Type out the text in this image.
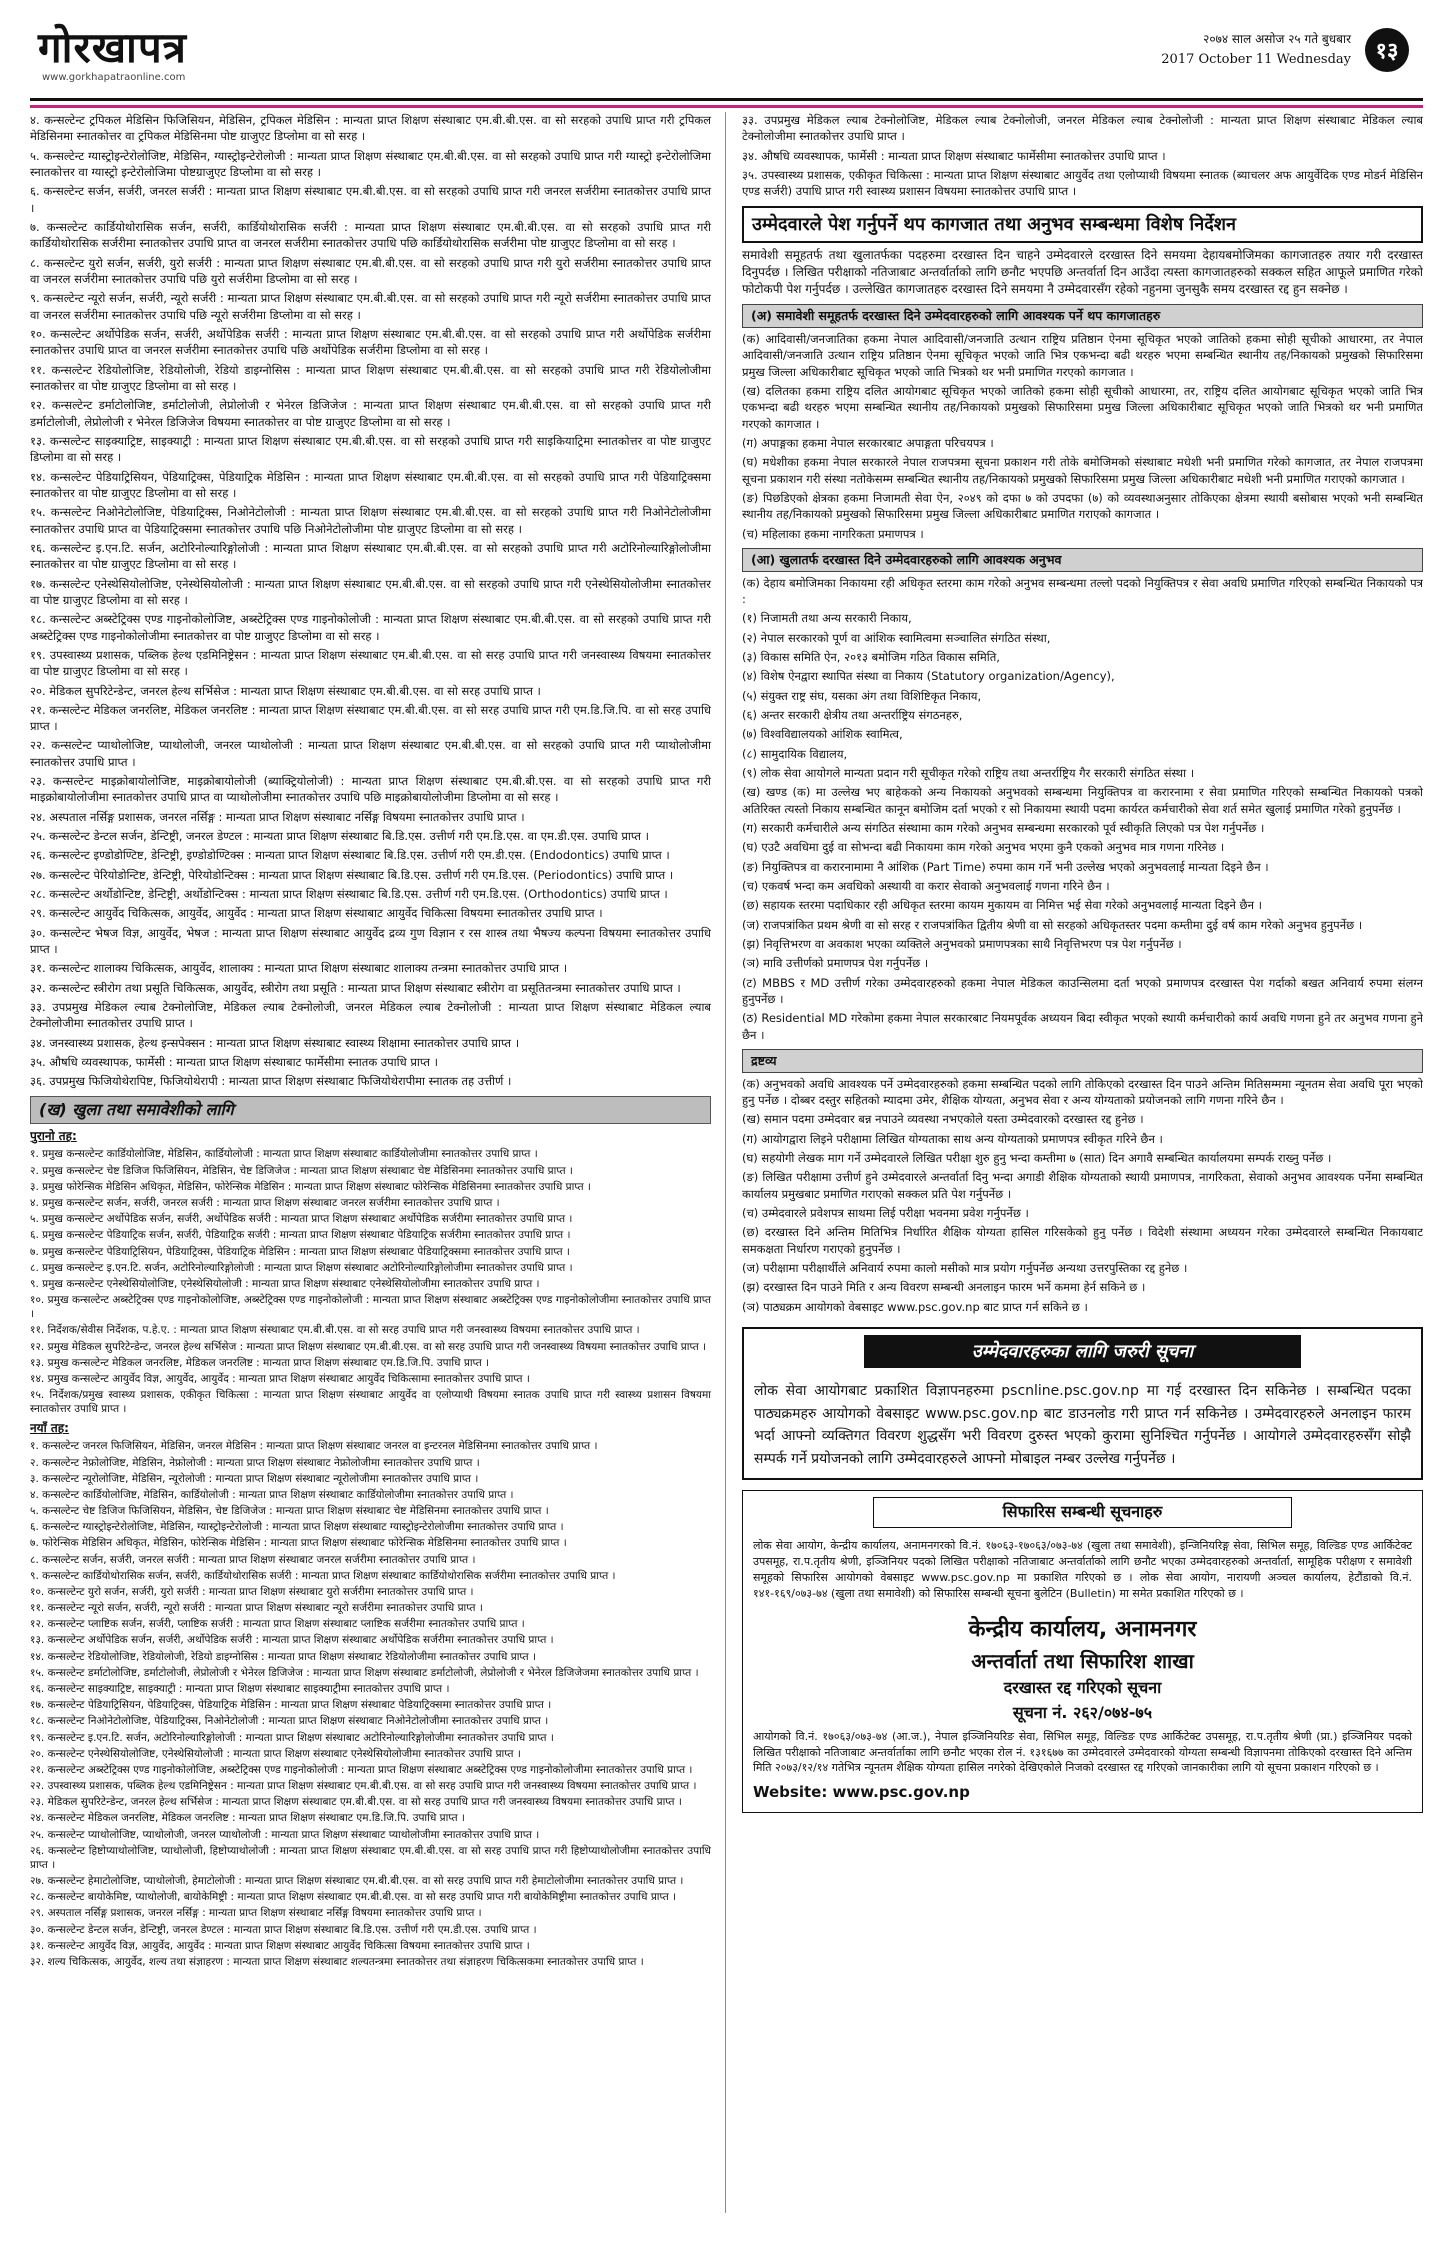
गोरखापत्र
www.gorkhapatraonline.com
२०७४ साल असोज २५ गते बुधबार
2017 October 11 Wednesday	१३
४. कन्सल्टेन्ट ट्रपिकल मेडिसिन फिजिसियन, मेडिसिन, ट्रपिकल मेडिसिन : मान्यता प्राप्त शिक्षण संस्थाबाट एम.बी.बी.एस. वा सो सरहको उपाधि प्राप्त गरी ट्रपिकल मेडिसिनमा स्नातकोत्तर वा ट्रपिकल मेडिसिनमा पोष्ट ग्राजुएट डिप्लोमा वा सो सरह ।
५. कन्सल्टेन्ट ग्यास्ट्रोइन्टेरोलोजिष्ट, मेडिसिन, ग्यास्ट्रोइन्टेरोलोजी : मान्यता प्राप्त शिक्षण संस्थाबाट एम.बी.बी.एस. वा सो सरहको उपाधि प्राप्त गरी ग्यास्ट्रो इन्टेरोलोजिमा स्नातकोत्तर वा ग्यास्ट्रो इन्टेरोलोजिमा पोष्टग्राजुएट डिप्लोमा वा सो सरह ।
६. कन्सल्टेन्ट सर्जन, सर्जरी, जनरल सर्जरी : मान्यता प्राप्त शिक्षण संस्थाबाट एम.बी.बी.एस. वा सो सरहको उपाधि प्राप्त गरी जनरल सर्जरीमा स्नातकोत्तर उपाधि प्राप्त ।
७. कन्सल्टेन्ट कार्डियोथोरासिक सर्जन, सर्जरी, कार्डियोथोरासिक सर्जरी : मान्यता प्राप्त शिक्षण संस्थाबाट एम.बी.बी.एस. वा सो सरहको उपाधि प्राप्त गरी कार्डियोथोरासिक सर्जरीमा स्नातकोत्तर उपाधि प्राप्त वा जनरल सर्जरीमा स्नातकोत्तर उपाधि पछि कार्डियोथोरासिक सर्जरीमा पोष्ट ग्राजुएट डिप्लोमा वा सो सरह ।
८. कन्सल्टेन्ट युरो सर्जन, सर्जरी, युरो सर्जरी : मान्यता प्राप्त शिक्षण संस्थाबाट एम.बी.बी.एस. वा सो सरहको उपाधि प्राप्त गरी युरो सर्जरीमा स्नातकोत्तर उपाधि प्राप्त वा जनरल सर्जरीमा स्नातकोत्तर उपाधि पछि युरो सर्जरीमा डिप्लोमा वा सो सरह ।
९. कन्सल्टेन्ट न्यूरो सर्जन, सर्जरी, न्यूरो सर्जरी : मान्यता प्राप्त शिक्षण संस्थाबाट एम.बी.बी.एस. वा सो सरहको उपाधि प्राप्त गरी न्यूरो सर्जरीमा स्नातकोत्तर उपाधि प्राप्त वा जनरल सर्जरीमा स्नातकोत्तर उपाधि पछि न्यूरो सर्जरीमा डिप्लोमा वा सो सरह ।
१०. कन्सल्टेन्ट अर्थोपेडिक सर्जन, सर्जरी, अर्थोपेडिक सर्जरी : मान्यता प्राप्त शिक्षण संस्थाबाट एम.बी.बी.एस. वा सो सरहको उपाधि प्राप्त गरी अर्थोपेडिक सर्जरीमा स्नातकोत्तर उपाधि प्राप्त वा जनरल सर्जरीमा स्नातकोत्तर उपाधि पछि अर्थोपेडिक सर्जरीमा डिप्लोमा वा सो सरह ।
११. कन्सल्टेन्ट रेडियोलोजिष्ट, रेडियोलोजी, रेडियो डाइग्नोसिस : मान्यता प्राप्त शिक्षण संस्थाबाट एम.बी.बी.एस. वा सो सरहको उपाधि प्राप्त गरी रेडियोलोजीमा स्नातकोत्तर वा पोष्ट ग्राजुएट डिप्लोमा वा सो सरह ।
१२. कन्सल्टेन्ट डर्माटोलोजिष्ट, डर्माटोलोजी, लेप्रोलोजी र भेनेरल डिजिजेज : मान्यता प्राप्त शिक्षण संस्थाबाट एम.बी.बी.एस. वा सो सरहको उपाधि प्राप्त गरी डर्माटोलोजी, लेप्रोलोजी र भेनेरल डिजिजेज विषयमा स्नातकोत्तर वा पोष्ट ग्राजुएट डिप्लोमा वा सो सरह ।
१३. कन्सल्टेन्ट साइक्याट्रिष्ट, साइक्याट्री : मान्यता प्राप्त शिक्षण संस्थाबाट एम.बी.बी.एस. वा सो सरहको उपाधि प्राप्त गरी साइकियाट्रिमा स्नातकोत्तर वा पोष्ट ग्राजुएट डिप्लोमा वा सो सरह ।
१४. कन्सल्टेन्ट पेडियाट्रिसियन, पेडियाट्रिक्स, पेडियाट्रिक मेडिसिन : मान्यता प्राप्त शिक्षण संस्थाबाट एम.बी.बी.एस. वा सो सरहको उपाधि प्राप्त गरी पेडियाट्रिक्समा स्नातकोत्तर वा पोष्ट ग्राजुएट डिप्लोमा वा सो सरह ।
१५. कन्सल्टेन्ट निओनेटोलोजिष्ट, पेडियाट्रिक्स, निओनेटोलोजी : मान्यता प्राप्त शिक्षण संस्थाबाट एम.बी.बी.एस. वा सो सरहको उपाधि प्राप्त गरी निओनेटोलोजीमा स्नातकोत्तर उपाधि प्राप्त वा पेडियाट्रिक्समा स्नातकोत्तर उपाधि पछि निओनेटोलोजीमा पोष्ट ग्राजुएट डिप्लोमा वा सो सरह ।
१६. कन्सल्टेन्ट इ.एन.टि. सर्जन, अटोरिनोल्यारिङ्गोलोजी : मान्यता प्राप्त शिक्षण संस्थाबाट एम.बी.बी.एस. वा सो सरहको उपाधि प्राप्त गरी अटोरिनोल्यारिङ्गोलोजीमा स्नातकोत्तर वा पोष्ट ग्राजुएट डिप्लोमा वा सो सरह ।
१७. कन्सल्टेन्ट एनेस्थेसियोलोजिष्ट, एनेस्थेसियोलोजी : मान्यता प्राप्त शिक्षण संस्थाबाट एम.बी.बी.एस. वा सो सरहको उपाधि प्राप्त गरी एनेस्थेसियोलोजीमा स्नातकोत्तर वा पोष्ट ग्राजुएट डिप्लोमा वा सो सरह ।
१८. कन्सल्टेन्ट अब्स्टेट्रिक्स एण्ड गाइनोकोलोजिष्ट, अब्स्टेट्रिक्स एण्ड गाइनोकोलोजी : मान्यता प्राप्त शिक्षण संस्थाबाट एम.बी.बी.एस. वा सो सरहको उपाधि प्राप्त गरी अब्स्टेट्रिक्स एण्ड गाइनोकोलोजीमा स्नातकोत्तर वा पोष्ट ग्राजुएट डिप्लोमा वा सो सरह ।
१९. उपस्वास्थ्य प्रशासक, पब्लिक हेल्थ एडमिनिष्ट्रेसन : मान्यता प्राप्त शिक्षण संस्थाबाट एम.बी.बी.एस. वा सो सरह उपाधि प्राप्त गरी जनस्वास्थ्य विषयमा स्नातकोत्तर वा पोष्ट ग्राजुएट डिप्लोमा वा सो सरह ।
२०. मेडिकल सुपरिटेन्डेन्ट, जनरल हेल्थ सर्भिसेज : मान्यता प्राप्त शिक्षण संस्थाबाट एम.बी.बी.एस. वा सो सरह उपाधि प्राप्त ।
२१. कन्सल्टेन्ट मेडिकल जनरलिष्ट, मेडिकल जनरलिष्ट : मान्यता प्राप्त शिक्षण संस्थाबाट एम.बी.बी.एस. वा सो सरह उपाधि प्राप्त गरी एम.डि.जि.पि. वा सो सरह उपाधि प्राप्त ।
२२. कन्सल्टेन्ट प्याथोलोजिष्ट, प्याथोलोजी, जनरल प्याथोलोजी : मान्यता प्राप्त शिक्षण संस्थाबाट एम.बी.बी.एस. वा सो सरहको उपाधि प्राप्त गरी प्याथोलोजीमा स्नातकोत्तर उपाधि प्राप्त ।
२३. कन्सल्टेन्ट माइक्रोबायोलोजिष्ट, माइक्रोबायोलोजी (ब्याक्ट्रियोलोजी) : मान्यता प्राप्त शिक्षण संस्थाबाट एम.बी.बी.एस. वा सो सरहको उपाधि प्राप्त गरी माइक्रोबायोलोजीमा स्नातकोत्तर उपाधि प्राप्त वा प्याथोलोजीमा स्नातकोत्तर उपाधि पछि माइक्रोबायोलोजीमा डिप्लोमा वा सो सरह ।
२४. अस्पताल नर्सिङ्ग प्रशासक, जनरल नर्सिङ्ग : मान्यता प्राप्त शिक्षण संस्थाबाट नर्सिङ्ग विषयमा स्नातकोत्तर उपाधि प्राप्त ।
२५. कन्सल्टेन्ट डेन्टल सर्जन, डेन्टिष्ट्री, जनरल डेण्टल : मान्यता प्राप्त शिक्षण संस्थाबाट बि.डि.एस. उत्तीर्ण गरी एम.डि.एस. वा एम.डी.एस. उपाधि प्राप्त ।
२६. कन्सल्टेन्ट इण्डोडोण्टिष्ट, डेन्टिष्ट्री, इण्डोडोण्टिक्स : मान्यता प्राप्त शिक्षण संस्थाबाट बि.डि.एस. उत्तीर्ण गरी एम.डी.एस. (Endodontics) उपाधि प्राप्त ।
२७. कन्सल्टेन्ट पेरियोडोन्टिष्ट, डेन्टिष्ट्री, पेरियोडोन्टिक्स : मान्यता प्राप्त शिक्षण संस्थाबाट बि.डि.एस. उत्तीर्ण गरी एम.डि.एस. (Periodontics) उपाधि प्राप्त ।
२८. कन्सल्टेन्ट अर्थोडोन्टिष्ट, डेन्टिष्ट्री, अर्थोडोन्टिक्स : मान्यता प्राप्त शिक्षण संस्थाबाट बि.डि.एस. उत्तीर्ण गरी एम.डि.एस. (Orthodontics) उपाधि प्राप्त ।
२९. कन्सल्टेन्ट आयुर्वेद चिकित्सक, आयुर्वेद, आयुर्वेद : मान्यता प्राप्त शिक्षण संस्थाबाट आयुर्वेद चिकित्सा विषयमा स्नातकोत्तर उपाधि प्राप्त ।
३०. कन्सल्टेन्ट भेषज विज्ञ, आयुर्वेद, भेषज : मान्यता प्राप्त शिक्षण संस्थाबाट आयुर्वेद द्रव्य गुण विज्ञान र रस शास्त्र तथा भैषज्य कल्पना विषयमा स्नातकोत्तर उपाधि प्राप्त ।
३१. कन्सल्टेन्ट शालाक्य चिकित्सक, आयुर्वेद, शालाक्य : मान्यता प्राप्त शिक्षण संस्थाबाट शालाक्य तन्त्रमा स्नातकोत्तर उपाधि प्राप्त ।
३२. कन्सल्टेन्ट स्त्रीरोग तथा प्रसूति चिकित्सक, आयुर्वेद, स्त्रीरोग तथा प्रसूति : मान्यता प्राप्त शिक्षण संस्थाबाट स्त्रीरोग वा प्रसूतितन्त्रमा स्नातकोत्तर उपाधि प्राप्त ।
३३. उपप्रमुख मेडिकल ल्याब टेक्नोलोजिष्ट, मेडिकल ल्याब टेक्नोलोजी, जनरल मेडिकल ल्याब टेक्नोलोजी : मान्यता प्राप्त शिक्षण संस्थाबाट मेडिकल ल्याब टेक्नोलोजीमा स्नातकोत्तर उपाधि प्राप्त ।
३४. जनस्वास्थ्य प्रशासक, हेल्थ इन्सपेक्सन : मान्यता प्राप्त शिक्षण संस्थाबाट स्वास्थ्य शिक्षामा स्नातकोत्तर उपाधि प्राप्त ।
३५. औषधि व्यवस्थापक, फार्मेसी : मान्यता प्राप्त शिक्षण संस्थाबाट फार्मेसीमा स्नातक उपाधि प्राप्त ।
३६. उपप्रमुख फिजियोथेरापिष्ट, फिजियोथेरापी : मान्यता प्राप्त शिक्षण संस्थाबाट फिजियोथेरापीमा स्नातक तह उत्तीर्ण ।
(ख) खुला तथा समावेशीको लागि
पुरानो तह:
१. प्रमुख कन्सल्टेन्ट कार्डियोलोजिष्ट, मेडिसिन, कार्डियोलोजी : मान्यता प्राप्त शिक्षण संस्थाबाट कार्डियोलोजीमा स्नातकोत्तर उपाधि प्राप्त ।
२. प्रमुख कन्सल्टेन्ट चेष्ट डिजिज फिजिसियन, मेडिसिन, चेष्ट डिजिजेज : मान्यता प्राप्त शिक्षण संस्थाबाट चेष्ट मेडिसिनमा स्नातकोत्तर उपाधि प्राप्त ।
३. प्रमुख फोरेन्सिक मेडिसिन अधिकृत, मेडिसिन, फोरेन्सिक मेडिसिन : मान्यता प्राप्त शिक्षण संस्थाबाट फोरेन्सिक मेडिसिनमा स्नातकोत्तर उपाधि प्राप्त ।
४. प्रमुख कन्सल्टेन्ट सर्जन, सर्जरी, जनरल सर्जरी : मान्यता प्राप्त शिक्षण संस्थाबाट जनरल सर्जरीमा स्नातकोत्तर उपाधि प्राप्त ।
५. प्रमुख कन्सल्टेन्ट अर्थोपेडिक सर्जन, सर्जरी, अर्थोपेडिक सर्जरी : मान्यता प्राप्त शिक्षण संस्थाबाट अर्थोपेडिक सर्जरीमा स्नातकोत्तर उपाधि प्राप्त ।
६. प्रमुख कन्सल्टेन्ट पेडियाट्रिक सर्जन, सर्जरी, पेडियाट्रिक सर्जरी : मान्यता प्राप्त शिक्षण संस्थाबाट पेडियाट्रिक सर्जरीमा स्नातकोत्तर उपाधि प्राप्त ।
७. प्रमुख कन्सल्टेन्ट पेडियाट्रिसियन, पेडियाट्रिक्स, पेडियाट्रिक मेडिसिन : मान्यता प्राप्त शिक्षण संस्थाबाट पेडियाट्रिक्समा स्नातकोत्तर उपाधि प्राप्त ।
८. प्रमुख कन्सल्टेन्ट इ.एन.टि. सर्जन, अटोरिनोल्यारिङ्गोलोजी : मान्यता प्राप्त शिक्षण संस्थाबाट अटोरिनोल्यारिङ्गोलोजीमा स्नातकोत्तर उपाधि प्राप्त ।
९. प्रमुख कन्सल्टेन्ट एनेस्थेसियोलोजिष्ट, एनेस्थेसियोलोजी : मान्यता प्राप्त शिक्षण संस्थाबाट एनेस्थेसियोलोजीमा स्नातकोत्तर उपाधि प्राप्त ।
१०. प्रमुख कन्सल्टेन्ट अब्स्टेट्रिक्स एण्ड गाइनोकोलोजिष्ट, अब्स्टेट्रिक्स एण्ड गाइनोकोलोजी : मान्यता प्राप्त शिक्षण संस्थाबाट अब्स्टेट्रिक्स एण्ड गाइनोकोलोजीमा स्नातकोत्तर उपाधि प्राप्त ।
११. निर्देशक/सेवीस निर्देशक, प.हे.ए. : मान्यता प्राप्त शिक्षण संस्थाबाट एम.बी.बी.एस. वा सो सरह उपाधि प्राप्त गरी जनस्वास्थ्य विषयमा स्नातकोत्तर उपाधि प्राप्त ।
१२. प्रमुख मेडिकल सुपरिटेन्डेन्ट, जनरल हेल्थ सर्भिसेज : मान्यता प्राप्त शिक्षण संस्थाबाट एम.बी.बी.एस. वा सो सरह उपाधि प्राप्त गरी जनस्वास्थ्य विषयमा स्नातकोत्तर उपाधि प्राप्त ।
१३. प्रमुख कन्सल्टेन्ट मेडिकल जनरलिष्ट, मेडिकल जनरलिष्ट : मान्यता प्राप्त शिक्षण संस्थाबाट एम.डि.जि.पि. उपाधि प्राप्त ।
१४. प्रमुख कन्सल्टेन्ट आयुर्वेद विज्ञ, आयुर्वेद, आयुर्वेद : मान्यता प्राप्त शिक्षण संस्थाबाट आयुर्वेद चिकित्सामा स्नातकोत्तर उपाधि प्राप्त ।
१५. निर्देशक/प्रमुख स्वास्थ्य प्रशासक, एकीकृत चिकित्सा : मान्यता प्राप्त शिक्षण संस्थाबाट आयुर्वेद वा एलोप्याथी विषयमा स्नातक उपाधि प्राप्त गरी स्वास्थ्य प्रशासन विषयमा स्नातकोत्तर उपाधि प्राप्त ।
नयाँ तह:
१. कन्सल्टेन्ट जनरल फिजिसियन, मेडिसिन, जनरल मेडिसिन : मान्यता प्राप्त शिक्षण संस्थाबाट जनरल वा इन्टरनल मेडिसिनमा स्नातकोत्तर उपाधि प्राप्त ।
२. कन्सल्टेन्ट नेफ्रोलोजिष्ट, मेडिसिन, नेफ्रोलोजी : मान्यता प्राप्त शिक्षण संस्थाबाट नेफ्रोलोजीमा स्नातकोत्तर उपाधि प्राप्त ।
३. कन्सल्टेन्ट न्यूरोलोजिष्ट, मेडिसिन, न्यूरोलोजी : मान्यता प्राप्त शिक्षण संस्थाबाट न्यूरोलोजीमा स्नातकोत्तर उपाधि प्राप्त ।
४. कन्सल्टेन्ट कार्डियोलोजिष्ट, मेडिसिन, कार्डियोलोजी : मान्यता प्राप्त शिक्षण संस्थाबाट कार्डियोलोजीमा स्नातकोत्तर उपाधि प्राप्त ।
५. कन्सल्टेन्ट चेष्ट डिजिज फिजिसियन, मेडिसिन, चेष्ट डिजिजेज : मान्यता प्राप्त शिक्षण संस्थाबाट चेष्ट मेडिसिनमा स्नातकोत्तर उपाधि प्राप्त ।
६. कन्सल्टेन्ट ग्यास्ट्रोइन्टेरोलोजिष्ट, मेडिसिन, ग्यास्ट्रोइन्टेरोलोजी : मान्यता प्राप्त शिक्षण संस्थाबाट ग्यास्ट्रोइन्टेरोलोजीमा स्नातकोत्तर उपाधि प्राप्त ।
७. फोरेन्सिक मेडिसिन अधिकृत, मेडिसिन, फोरेन्सिक मेडिसिन : मान्यता प्राप्त शिक्षण संस्थाबाट फोरेन्सिक मेडिसिनमा स्नातकोत्तर उपाधि प्राप्त ।
८. कन्सल्टेन्ट सर्जन, सर्जरी, जनरल सर्जरी : मान्यता प्राप्त शिक्षण संस्थाबाट जनरल सर्जरीमा स्नातकोत्तर उपाधि प्राप्त ।
९. कन्सल्टेन्ट कार्डियोथोरासिक सर्जन, सर्जरी, कार्डियोथोरासिक सर्जरी : मान्यता प्राप्त शिक्षण संस्थाबाट कार्डियोथोरासिक सर्जरीमा स्नातकोत्तर उपाधि प्राप्त ।
१०. कन्सल्टेन्ट युरो सर्जन, सर्जरी, युरो सर्जरी : मान्यता प्राप्त शिक्षण संस्थाबाट युरो सर्जरीमा स्नातकोत्तर उपाधि प्राप्त ।
११. कन्सल्टेन्ट न्यूरो सर्जन, सर्जरी, न्यूरो सर्जरी : मान्यता प्राप्त शिक्षण संस्थाबाट न्यूरो सर्जरीमा स्नातकोत्तर उपाधि प्राप्त ।
१२. कन्सल्टेन्ट प्लाष्टिक सर्जन, सर्जरी, प्लाष्टिक सर्जरी : मान्यता प्राप्त शिक्षण संस्थाबाट प्लाष्टिक सर्जरीमा स्नातकोत्तर उपाधि प्राप्त ।
१३. कन्सल्टेन्ट अर्थोपेडिक सर्जन, सर्जरी, अर्थोपेडिक सर्जरी : मान्यता प्राप्त शिक्षण संस्थाबाट अर्थोपेडिक सर्जरीमा स्नातकोत्तर उपाधि प्राप्त ।
१४. कन्सल्टेन्ट रेडियोलोजिष्ट, रेडियोलोजी, रेडियो डाइग्नोसिस : मान्यता प्राप्त शिक्षण संस्थाबाट रेडियोलोजीमा स्नातकोत्तर उपाधि प्राप्त ।
१५. कन्सल्टेन्ट डर्माटोलोजिष्ट, डर्माटोलोजी, लेप्रोलोजी र भेनेरल डिजिजेज : मान्यता प्राप्त शिक्षण संस्थाबाट डर्माटोलोजी, लेप्रोलोजी र भेनेरल डिजिजेजमा स्नातकोत्तर उपाधि प्राप्त ।
१६. कन्सल्टेन्ट साइक्याट्रिष्ट, साइक्याट्री : मान्यता प्राप्त शिक्षण संस्थाबाट साइक्याट्रीमा स्नातकोत्तर उपाधि प्राप्त ।
१७. कन्सल्टेन्ट पेडियाट्रिसियन, पेडियाट्रिक्स, पेडियाट्रिक मेडिसिन : मान्यता प्राप्त शिक्षण संस्थाबाट पेडियाट्रिक्समा स्नातकोत्तर उपाधि प्राप्त ।
१८. कन्सल्टेन्ट निओनेटोलोजिष्ट, पेडियाट्रिक्स, निओनेटोलोजी : मान्यता प्राप्त शिक्षण संस्थाबाट निओनेटोलोजीमा स्नातकोत्तर उपाधि प्राप्त ।
१९. कन्सल्टेन्ट इ.एन.टि. सर्जन, अटोरिनोल्यारिङ्गोलोजी : मान्यता प्राप्त शिक्षण संस्थाबाट अटोरिनोल्यारिङ्गोलोजीमा स्नातकोत्तर उपाधि प्राप्त ।
२०. कन्सल्टेन्ट एनेस्थेसियोलोजिष्ट, एनेस्थेसियोलोजी : मान्यता प्राप्त शिक्षण संस्थाबाट एनेस्थेसियोलोजीमा स्नातकोत्तर उपाधि प्राप्त ।
२१. कन्सल्टेन्ट अब्स्टेट्रिक्स एण्ड गाइनोकोलोजिष्ट, अब्स्टेट्रिक्स एण्ड गाइनोकोलोजी : मान्यता प्राप्त शिक्षण संस्थाबाट अब्स्टेट्रिक्स एण्ड गाइनोकोलोजीमा स्नातकोत्तर उपाधि प्राप्त ।
२२. उपस्वास्थ्य प्रशासक, पब्लिक हेल्थ एडमिनिष्ट्रेसन : मान्यता प्राप्त शिक्षण संस्थाबाट एम.बी.बी.एस. वा सो सरह उपाधि प्राप्त गरी जनस्वास्थ्य विषयमा स्नातकोत्तर उपाधि प्राप्त ।
२३. मेडिकल सुपरिटेन्डेन्ट, जनरल हेल्थ सर्भिसेज : मान्यता प्राप्त शिक्षण संस्थाबाट एम.बी.बी.एस. वा सो सरह उपाधि प्राप्त गरी जनस्वास्थ्य विषयमा स्नातकोत्तर उपाधि प्राप्त ।
२४. कन्सल्टेन्ट मेडिकल जनरलिष्ट, मेडिकल जनरलिष्ट : मान्यता प्राप्त शिक्षण संस्थाबाट एम.डि.जि.पि. उपाधि प्राप्त ।
२५. कन्सल्टेन्ट प्याथोलोजिष्ट, प्याथोलोजी, जनरल प्याथोलोजी : मान्यता प्राप्त शिक्षण संस्थाबाट प्याथोलोजीमा स्नातकोत्तर उपाधि प्राप्त ।
२६. कन्सल्टेन्ट हिष्टोप्याथोलोजिष्ट, प्याथोलोजी, हिष्टोप्याथोलोजी : मान्यता प्राप्त शिक्षण संस्थाबाट एम.बी.बी.एस. वा सो सरह उपाधि प्राप्त गरी हिष्टोप्याथोलोजीमा स्नातकोत्तर उपाधि प्राप्त ।
२७. कन्सल्टेन्ट हेमाटोलोजिष्ट, प्याथोलोजी, हेमाटोलोजी : मान्यता प्राप्त शिक्षण संस्थाबाट एम.बी.बी.एस. वा सो सरह उपाधि प्राप्त गरी हेमाटोलोजीमा स्नातकोत्तर उपाधि प्राप्त ।
२८. कन्सल्टेन्ट बायोकेमिष्ट, प्याथोलोजी, बायोकेमिष्ट्री : मान्यता प्राप्त शिक्षण संस्थाबाट एम.बी.बी.एस. वा सो सरह उपाधि प्राप्त गरी बायोकेमिष्ट्रीमा स्नातकोत्तर उपाधि प्राप्त ।
२९. अस्पताल नर्सिङ्ग प्रशासक, जनरल नर्सिङ्ग : मान्यता प्राप्त शिक्षण संस्थाबाट नर्सिङ्ग विषयमा स्नातकोत्तर उपाधि प्राप्त ।
३०. कन्सल्टेन्ट डेन्टल सर्जन, डेन्टिष्ट्री, जनरल डेण्टल : मान्यता प्राप्त शिक्षण संस्थाबाट बि.डि.एस. उत्तीर्ण गरी एम.डी.एस. उपाधि प्राप्त ।
३१. कन्सल्टेन्ट आयुर्वेद विज्ञ, आयुर्वेद, आयुर्वेद : मान्यता प्राप्त शिक्षण संस्थाबाट आयुर्वेद चिकित्सा विषयमा स्नातकोत्तर उपाधि प्राप्त ।
३२. शल्य चिकित्सक, आयुर्वेद, शल्य तथा संज्ञाहरण : मान्यता प्राप्त शिक्षण संस्थाबाट शल्यतन्त्रमा स्नातकोत्तर तथा संज्ञाहरण चिकित्सकमा स्नातकोत्तर उपाधि प्राप्त ।
३३. उपप्रमुख मेडिकल ल्याब टेक्नोलोजिष्ट, मेडिकल ल्याब टेक्नोलोजी, जनरल मेडिकल ल्याब टेक्नोलोजी : मान्यता प्राप्त शिक्षण संस्थाबाट मेडिकल ल्याब टेक्नोलोजीमा स्नातकोत्तर उपाधि प्राप्त ।
३४. औषधि व्यवस्थापक, फार्मेसी : मान्यता प्राप्त शिक्षण संस्थाबाट फार्मेसीमा स्नातकोत्तर उपाधि प्राप्त ।
३५. उपस्वास्थ्य प्रशासक, एकीकृत चिकित्सा : मान्यता प्राप्त शिक्षण संस्थाबाट आयुर्वेद तथा एलोप्याथी विषयमा स्नातक (ब्याचलर अफ आयुर्वेदिक एण्ड मोडर्न मेडिसिन एण्ड सर्जरी) उपाधि प्राप्त गरी स्वास्थ्य प्रशासन विषयमा स्नातकोत्तर उपाधि प्राप्त ।
उम्मेदवारले पेश गर्नुपर्ने थप कागजात तथा अनुभव सम्बन्धमा विशेष निर्देशन

समावेशी समूहतर्फ तथा खुलातर्फका पदहरुमा दरखास्त दिन चाहने उम्मेदवारले दरखास्त दिने समयमा देहायबमोजिमका कागजातहरु तयार गरी दरखास्त दिनुपर्दछ । लिखित परीक्षाको नतिजाबाट अन्तर्वार्ताको लागि छनौट भएपछि अन्तर्वार्ता दिन आउँदा त्यस्ता कागजातहरुको सक्कल सहित आफूले प्रमाणित गरेको फोटोकपी पेश गर्नुपर्दछ । उल्लेखित कागजातहरु दरखास्त दिने समयमा नै उम्मेदवारसँग रहेको नहुनमा जुनसुकै समय दरखास्त रद्द हुन सक्नेछ ।

(अ) समावेशी समूहतर्फ दरखास्त दिने उम्मेदवारहरुको लागि आवश्यक पर्ने थप कागजातहरु
(क) आदिवासी/जनजातिका हकमा नेपाल आदिवासी/जनजाति उत्थान राष्ट्रिय प्रतिष्ठान ऐनमा सूचिकृत भएको जातिको हकमा सोही सूचीको आधारमा, तर नेपाल आदिवासी/जनजाति उत्थान राष्ट्रिय प्रतिष्ठान ऐनमा सूचिकृत भएको जाति भित्र एकभन्दा बढी थरहरु भएमा सम्बन्धित स्थानीय तह/निकायको प्रमुखको सिफारिसमा प्रमुख जिल्ला अधिकारीबाट सूचिकृत भएको जाति भित्रको थर भनी प्रमाणित गरएको कागजात ।
(ख) दलितका हकमा राष्ट्रिय दलित आयोगबाट सूचिकृत भएको जातिको हकमा सोही सूचीको आधारमा, तर, राष्ट्रिय दलित आयोगबाट सूचिकृत भएको जाति भित्र एकभन्दा बढी थरहरु भएमा सम्बन्धित स्थानीय तह/निकायको प्रमुखको सिफारिसमा प्रमुख जिल्ला अधिकारीबाट सूचिकृत भएको जाति भित्रको थर भनी प्रमाणित गरएको कागजात ।
(ग) अपाङ्गका हकमा नेपाल सरकारबाट अपाङ्गता परिचयपत्र ।
(घ) मधेशीका हकमा नेपाल सरकारले नेपाल राजपत्रमा सूचना प्रकाशन गरी तोके बमोजिमको संस्थाबाट मधेशी भनी प्रमाणित गरेको कागजात, तर नेपाल राजपत्रमा सूचना प्रकाशन गरी संस्था नतोकेसम्म सम्बन्धित स्थानीय तह/निकायको प्रमुखको सिफारिसमा प्रमुख जिल्ला अधिकारीबाट मधेशी भनी प्रमाणित गराएको कागजात ।
(ङ) पिछडिएको क्षेत्रका हकमा निजामती सेवा ऐन, २०४९ को दफा ७ को उपदफा (७) को व्यवस्थाअनुसार तोकिएका क्षेत्रमा स्थायी बसोबास भएको भनी सम्बन्धित स्थानीय तह/निकायको प्रमुखको सिफारिसमा प्रमुख जिल्ला अधिकारीबाट प्रमाणित गराएको कागजात ।
(च) महिलाका हकमा नागरिकता प्रमाणपत्र ।
(आ) खुलातर्फ दरखास्त दिने उम्मेदवारहरुको लागि आवश्यक अनुभव
(क) देहाय बमोजिमका निकायमा रही अधिकृत स्तरमा काम गरेको अनुभव सम्बन्धमा तल्लो पदको नियुक्तिपत्र र सेवा अवधि प्रमाणित गरिएको सम्बन्धित निकायको पत्र :
(१) निजामती तथा अन्य सरकारी निकाय,
(२) नेपाल सरकारको पूर्ण वा आंशिक स्वामित्वमा सञ्चालित संगठित संस्था,
(३) विकास समिति ऐन, २०१३ बमोजिम गठित विकास समिति,
(४) विशेष ऐनद्वारा स्थापित संस्था वा निकाय (Statutory organization/Agency),
(५) संयुक्त राष्ट्र संघ, यसका अंग तथा विशिष्टिकृत निकाय,
(६) अन्तर सरकारी क्षेत्रीय तथा अन्तर्राष्ट्रिय संगठनहरु,
(७) विश्वविद्यालयको आंशिक स्वामित्व,
(८) सामुदायिक विद्यालय,
(९) लोक सेवा आयोगले मान्यता प्रदान गरी सूचीकृत गरेको राष्ट्रिय तथा अन्तर्राष्ट्रिय गैर सरकारी संगठित संस्था ।
(ख) खण्ड (क) मा उल्लेख भए बाहेकको अन्य निकायको अनुभवको सम्बन्धमा नियुक्तिपत्र वा करारनामा र सेवा प्रमाणित गरिएको सम्बन्धित निकायको पत्रको अतिरिक्त त्यस्तो निकाय सम्बन्धित कानून बमोजिम दर्ता भएको र सो निकायमा स्थायी पदमा कार्यरत कर्मचारीको सेवा शर्त समेत खुलाई प्रमाणित गरेको हुनुपर्नेछ ।
(ग) सरकारी कर्मचारीले अन्य संगठित संस्थामा काम गरेको अनुभव सम्बन्धमा सरकारको पूर्व स्वीकृति लिएको पत्र पेश गर्नुपर्नेछ ।
(घ) एउटै अवधिमा दुई वा सोभन्दा बढी निकायमा काम गरेको अनुभव भएमा कुनै एकको अनुभव मात्र गणना गरिनेछ ।
(ङ) नियुक्तिपत्र वा करारनामामा नै आंशिक (Part Time) रुपमा काम गर्ने भनी उल्लेख भएको अनुभवलाई मान्यता दिइने छैन ।
(च) एकवर्ष भन्दा कम अवधिको अस्थायी वा करार सेवाको अनुभवलाई गणना गरिने छैन ।
(छ) सहायक स्तरमा पदाधिकार रही अधिकृत स्तरमा कायम मुकायम वा निमित्त भई सेवा गरेको अनुभवलाई मान्यता दिइने छैन ।
(ज) राजपत्रांकित प्रथम श्रेणी वा सो सरह र राजपत्रांकित द्वितीय श्रेणी वा सो सरहको अधिकृतस्तर पदमा कम्तीमा दुई वर्ष काम गरेको अनुभव हुनुपर्नेछ ।
(झ) निवृत्तिभरण वा अवकाश भएका व्यक्तिले अनुभवको प्रमाणपत्रका साथै निवृत्तिभरण पत्र पेश गर्नुपर्नेछ ।
(ञ) मावि उत्तीर्णको प्रमाणपत्र पेश गर्नुपर्नेछ ।
(ट) MBBS र MD उत्तीर्ण गरेका उम्मेदवारहरुको हकमा नेपाल मेडिकल काउन्सिलमा दर्ता भएको प्रमाणपत्र दरखास्त पेश गर्दाको बखत अनिवार्य रुपमा संलग्न हुनुपर्नेछ ।
(ठ) Residential MD गरेकोमा हकमा नेपाल सरकारबाट नियमपूर्वक अध्ययन बिदा स्वीकृत भएको स्थायी कर्मचारीको कार्य अवधि गणना हुने तर अनुभव गणना हुने छैन ।
द्रष्टव्य
(क) अनुभवको अवधि आवश्यक पर्ने उम्मेदवारहरुको हकमा सम्बन्धित पदको लागि तोकिएको दरखास्त दिन पाउने अन्तिम मितिसम्ममा न्यूनतम सेवा अवधि पूरा भएको हुनु पर्नेछ । दोब्बर दस्तुर सहितको म्यादमा उमेर, शैक्षिक योग्यता, अनुभव सेवा र अन्य योग्यताको प्रयोजनको लागि गणना गरिने छैन ।
(ख) समान पदमा उम्मेदवार बन्न नपाउने व्यवस्था नभएकोले यस्ता उम्मेदवारको दरखास्त रद्द हुनेछ ।
(ग) आयोगद्वारा लिइने परीक्षामा लिखित योग्यताका साथ अन्य योग्यताको प्रमाणपत्र स्वीकृत गरिने छैन ।
(घ) सहयोगी लेखक माग गर्ने उम्मेदवारले लिखित परीक्षा शुरु हुनु भन्दा कम्तीमा ७ (सात) दिन अगावै सम्बन्धित कार्यालयमा सम्पर्क राख्नु पर्नेछ ।
(ङ) लिखित परीक्षामा उत्तीर्ण हुने उम्मेदवारले अन्तर्वार्ता दिनु भन्दा अगाडी शैक्षिक योग्यताको स्थायी प्रमाणपत्र, नागरिकता, सेवाको अनुभव आवश्यक पर्नेमा सम्बन्धित कार्यालय प्रमुखबाट प्रमाणित गराएको सक्कल प्रति पेश गर्नुपर्नेछ ।
(च) उम्मेदवारले प्रवेशपत्र साथमा लिई परीक्षा भवनमा प्रवेश गर्नुपर्नेछ ।
(छ) दरखास्त दिने अन्तिम मितिभित्र निर्धारित शैक्षिक योग्यता हासिल गरिसकेको हुनु पर्नेछ । विदेशी संस्थामा अध्ययन गरेका उम्मेदवारले सम्बन्धित निकायबाट समकक्षता निर्धारण गराएको हुनुपर्नेछ ।
(ज) परीक्षामा परीक्षार्थीले अनिवार्य रुपमा कालो मसीको मात्र प्रयोग गर्नुपर्नेछ अन्यथा उत्तरपुस्तिका रद्द हुनेछ ।
(झ) दरखास्त दिन पाउने मिति र अन्य विवरण सम्बन्धी अनलाइन फारम भर्ने कममा हेर्न सकिने छ ।
(ञ) पाठ्यक्रम आयोगको वेबसाइट www.psc.gov.np बाट प्राप्त गर्न सकिने छ ।
उम्मेदवारहरुका लागि जरुरी सूचना
लोक सेवा आयोगबाट प्रकाशित विज्ञापनहरुमा pscnline.psc.gov.np मा गई दरखास्त दिन सकिनेछ । सम्बन्धित पदका पाठ्यक्रमहरु आयोगको वेबसाइट www.psc.gov.np बाट डाउनलोड गरी प्राप्त गर्न सकिनेछ । उम्मेदवारहरुले अनलाइन फारम भर्दा आफ्नो व्यक्तिगत विवरण शुद्धसँग भरी विवरण दुरुस्त भएको कुरामा सुनिश्चित गर्नुपर्नेछ । आयोगले उम्मेदवारहरुसँग सोझै सम्पर्क गर्ने प्रयोजनको लागि उम्मेदवारहरुले आफ्नो मोबाइल नम्बर उल्लेख गर्नुपर्नेछ ।
सिफारिस सम्बन्धी सूचनाहरु
लोक सेवा आयोग, केन्द्रीय कार्यालय, अनामनगरको वि.नं. १७०६३-१७०६३/०७३-७४ (खुला तथा समावेशी), इन्जिनियरिङ्ग सेवा, सिभिल समूह, विल्डिङ एण्ड आर्किटेक्ट उपसमूह, रा.प.तृतीय श्रेणी, इञ्जिनियर पदको लिखित परीक्षाको नतिजाबाट अन्तर्वार्ताको लागि छनौट भएका उम्मेदवारहरुको अन्तर्वार्ता, सामूहिक परीक्षण र समावेशी समूहको सिफारिस आयोगको वेबसाइट www.psc.gov.np मा प्रकाशित गरिएको छ । लोक सेवा आयोग, नारायणी अञ्चल कार्यालय, हेटौंडाको वि.नं. १४१-१६९/०७३-७४ (खुला तथा समावेशी) को सिफारिस सम्बन्धी सूचना बुलेटिन (Bulletin) मा समेत प्रकाशित गरिएको छ ।
केन्द्रीय कार्यालय, अनामनगर
अन्तर्वार्ता तथा सिफारिश शाखा
दरखास्त रद्द गरिएको सूचना
सूचना नं. २६२/०७४-७५
आयोगको वि.नं. १७०६३/०७३-७४ (आ.ज.), नेपाल इञ्जिनियरिङ सेवा, सिभिल समूह, विल्डिङ एण्ड आर्किटेक्ट उपसमूह, रा.प.तृतीय श्रेणी (प्रा.) इञ्जिनियर पदको लिखित परीक्षाको नतिजाबाट अन्तर्वार्ताका लागि छनौट भएका रोल नं. १३१६७७ का उम्मेदवारले उम्मेदवारको योग्यता सम्बन्धी विज्ञापनमा तोकिएको दरखास्त दिने अन्तिम मिति २०७३/१२/१४ गतेभित्र न्यूनतम शैक्षिक योग्यता हासिल नगरेको देखिएकोले निजको दरखास्त रद्द गरिएको जानकारीका लागि यो सूचना प्रकाशन गरिएको छ ।
Website: www.psc.gov.np
